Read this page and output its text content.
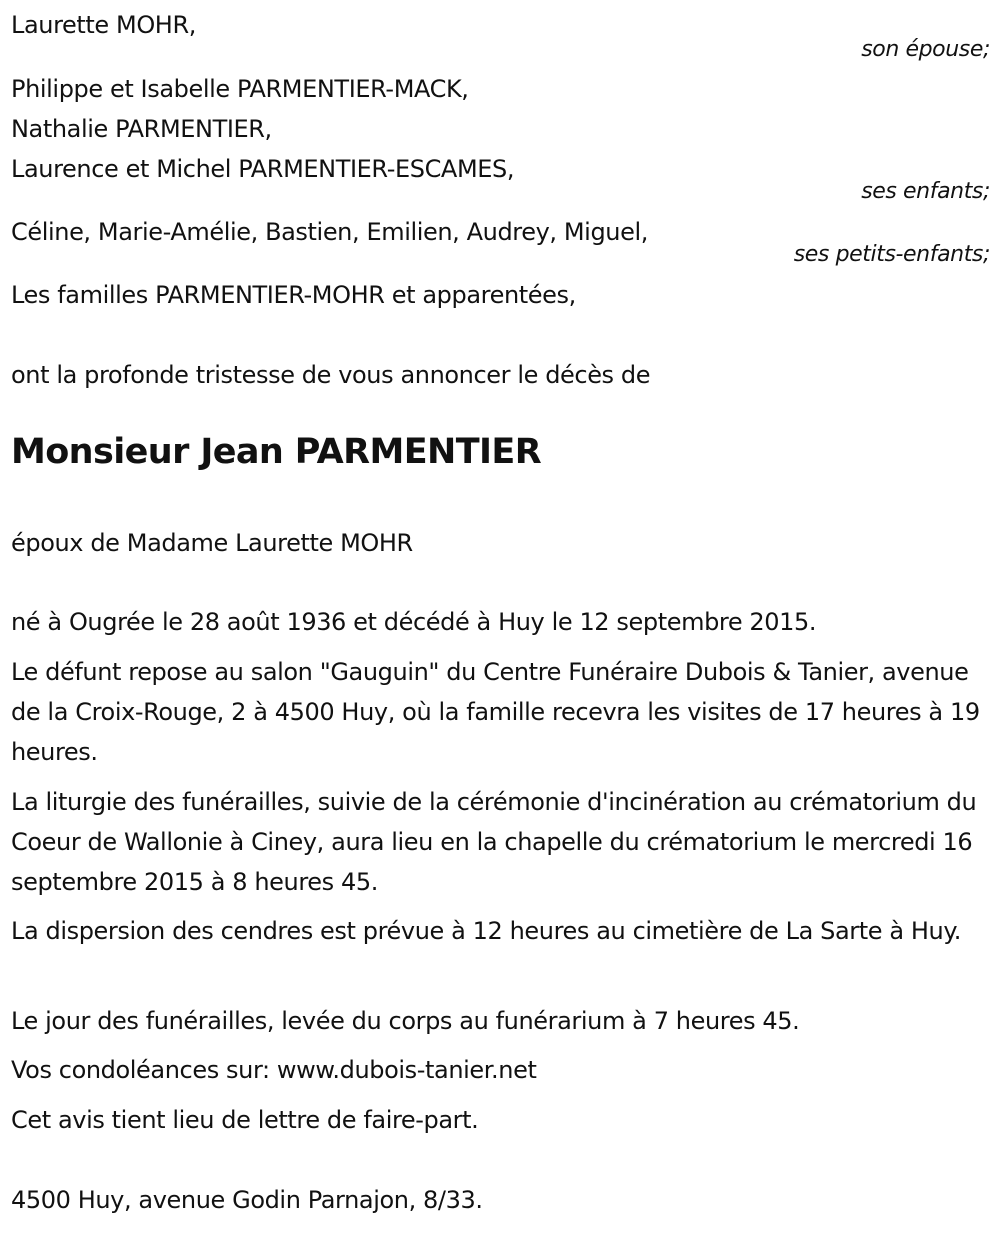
Laurette MOHR,
son épouse;
Philippe et Isabelle PARMENTIER-MACK,
Nathalie PARMENTIER,
Laurence et Michel PARMENTIER-ESCAMES,
ses enfants;
Céline, Marie-Amélie, Bastien, Emilien, Audrey, Miguel,
ses petits-enfants;
Les familles PARMENTIER-MOHR et apparentées,
ont la profonde tristesse de vous annoncer le décès de
Monsieur Jean PARMENTIER
époux de Madame Laurette MOHR
né à Ougrée le 28 août 1936 et décédé à Huy le 12 septembre 2015.
Le défunt repose au salon "Gauguin" du Centre Funéraire Dubois & Tanier, avenue de la Croix-Rouge, 2 à 4500 Huy, où la famille recevra les visites de 17 heures à 19 heures.
La liturgie des funérailles, suivie de la cérémonie d'incinération au crématorium du Coeur de Wallonie à Ciney, aura lieu en la chapelle du crématorium le mercredi 16 septembre 2015 à 8 heures 45.
La dispersion des cendres est prévue à 12 heures au cimetière de La Sarte à Huy.
Le jour des funérailles, levée du corps au funérarium à 7 heures 45.
Vos condoléances sur: www.dubois-tanier.net
Cet avis tient lieu de lettre de faire-part.
4500 Huy, avenue Godin Parnajon, 8/33.
